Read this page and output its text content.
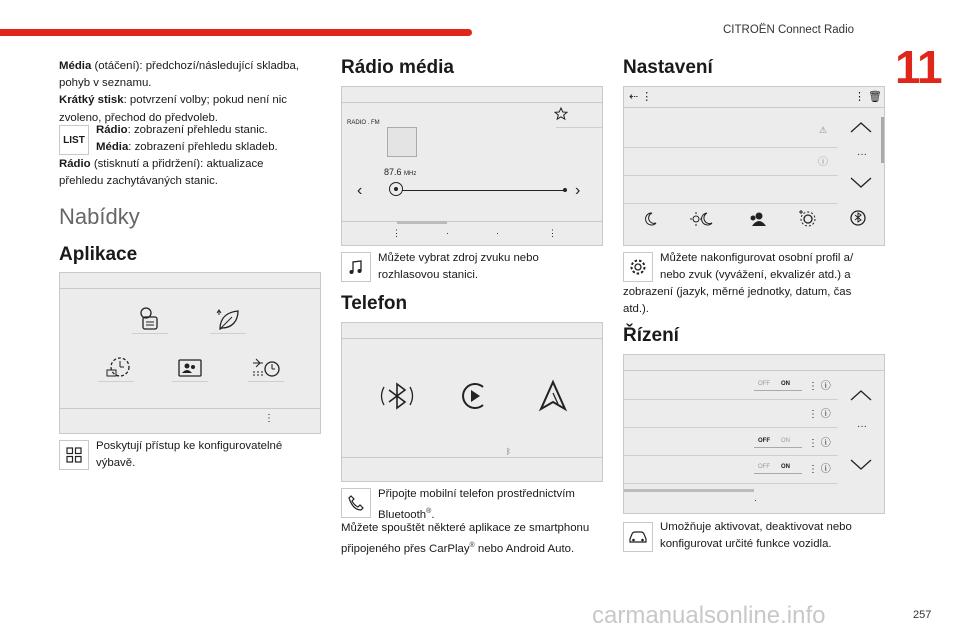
CITROËN Connect Radio
11
257
Média (otáčení): předchozí/následující skladba,
pohyb v seznamu.
Krátký stisk: potvrzení volby; pokud není nic
zvoleno, přechod do předvoleb.
LIST
Rádio: zobrazení přehledu stanic.
Média: zobrazení přehledu skladeb.
Rádio (stisknutí a přidržení): aktualizace
přehledu zachytávaných stanic.
Nabídky
Aplikace
⋮
Poskytují přístup ke konfigurovatelné
výbavě.
Rádio média
RADIO . FM
87.6 MHz
‹	›
⋮	·	·	⋮
Můžete vybrat zdroj zvuku nebo
rozhlasovou stanici.
Telefon
ᛒ
Připojte mobilní telefon prostřednictvím
Bluetooth®.
Můžete spouštět některé aplikace ze smartphonu
připojeného přes CarPlay® nebo Android Auto.
Nastavení
⇠ ⋮	⋮ 🗑
⚠
ⓘ
···
Můžete nakonfigurovat osobní profil a/
nebo zvuk (vyvážení, ekvalizér atd.) a
zobrazení (jazyk, měrné jednotky, datum, čas
atd.).
Řízení
OFF ON ⋮ ⓘ
⋮ ⓘ
OFF ON ⋮ ⓘ
OFF ON ⋮ ⓘ
···
·
Umožňuje aktivovat, deaktivovat nebo
konfigurovat určité funkce vozidla.
carmanualsonline.info
